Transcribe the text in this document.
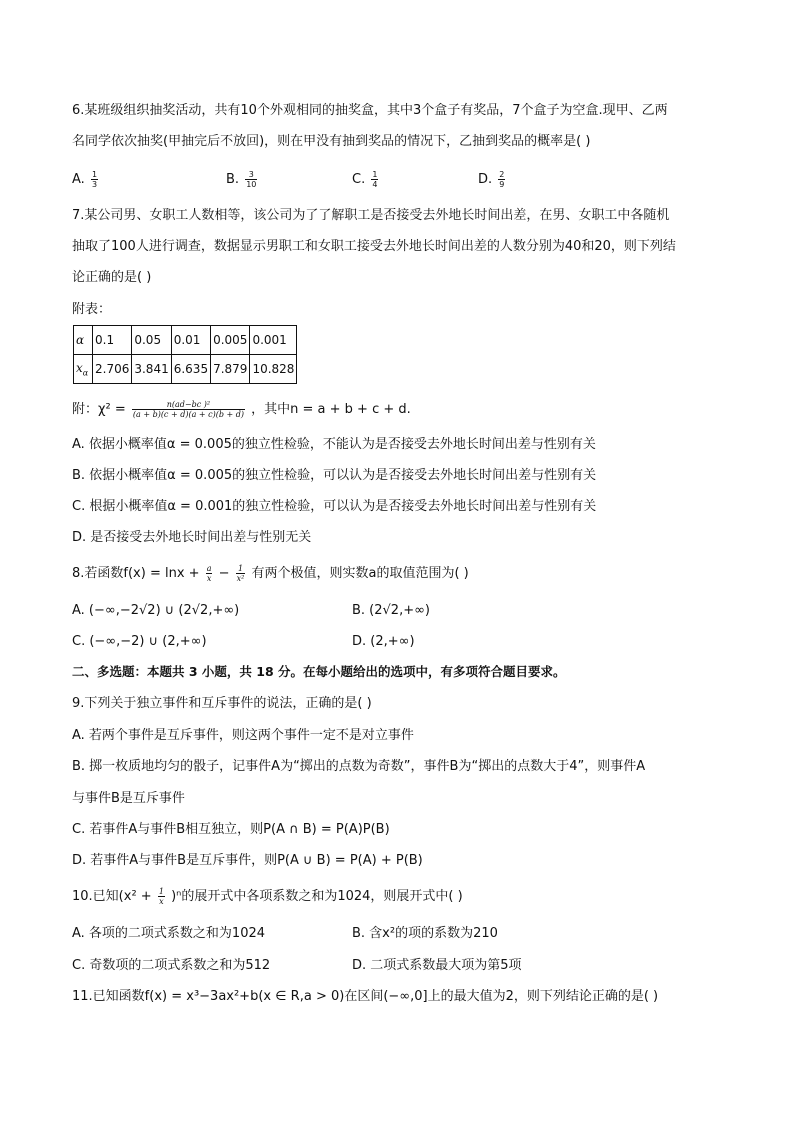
6.某班级组织抽奖活动，共有10个外观相同的抽奖盒，其中3个盒子有奖品，7个盒子为空盒.现甲、乙两
名同学依次抽奖(甲抽完后不放回)，则在甲没有抽到奖品的情况下，乙抽到奖品的概率是( )
A. $\frac{1}{3}$	B. $\frac{3}{10}$	C. $\frac{1}{4}$	D. $\frac{2}{9}$
7.某公司男、女职工人数相等，该公司为了了解职工是否接受去外地长时间出差，在男、女职工中各随机
抽取了100人进行调查，数据显示男职工和女职工接受去外地长时间出差的人数分别为40和20，则下列结
论正确的是( )
附表：
α	0.1	0.05	0.01	0.005	0.001
$x_\alpha$	2.706	3.841	6.635	7.879	10.828
附：$\chi^2 = \frac{\text{n(ad−bc )²}}{(a + b)(c + d)(a + c)(b + d)}$ ，其中n = a + b + c + d.
A. 依据小概率值α = 0.005的独立性检验，不能认为是否接受去外地长时间出差与性别有关
B. 依据小概率值α = 0.005的独立性检验，可以认为是否接受去外地长时间出差与性别有关
C. 根据小概率值α = 0.001的独立性检验，可以认为是否接受去外地长时间出差与性别有关
D. 是否接受去外地长时间出差与性别无关
8.若函数$f(x) = \ln x + \frac{a}{x} - \frac{1}{\text{x²}}$ 有两个极值，则实数a的取值范围为( )
A. (−∞,−2√2) ∪ (2√2,+∞)	B. (2√2,+∞)
C. (−∞,−2) ∪ (2,+∞)	D. (2,+∞)
二、多选题：本题共 3 小题，共 18 分。在每小题给出的选项中，有多项符合题目要求。
9.下列关于独立事件和互斥事件的说法，正确的是( )
A. 若两个事件是互斥事件，则这两个事件一定不是对立事件
B. 掷一枚质地均匀的骰子，记事件A为“掷出的点数为奇数”，事件B为“掷出的点数大于4”，则事件A
与事件B是互斥事件
C. 若事件A与事件B相互独立，则P(A ∩ B) = P(A)P(B)
D. 若事件A与事件B是互斥事件，则P(A ∪ B) = P(A) + P(B)
10.已知$(x^2 + \frac{1}{x} )^n$的展开式中各项系数之和为1024，则展开式中( )
A. 各项的二项式系数之和为1024	B. 含x²的项的系数为210
C. 奇数项的二项式系数之和为512	D. 二项式系数最大项为第5项
11.已知函数f(x) = x³−3ax²+b(x ∈ R,a > 0)在区间(−∞,0]上的最大值为2，则下列结论正确的是( )
